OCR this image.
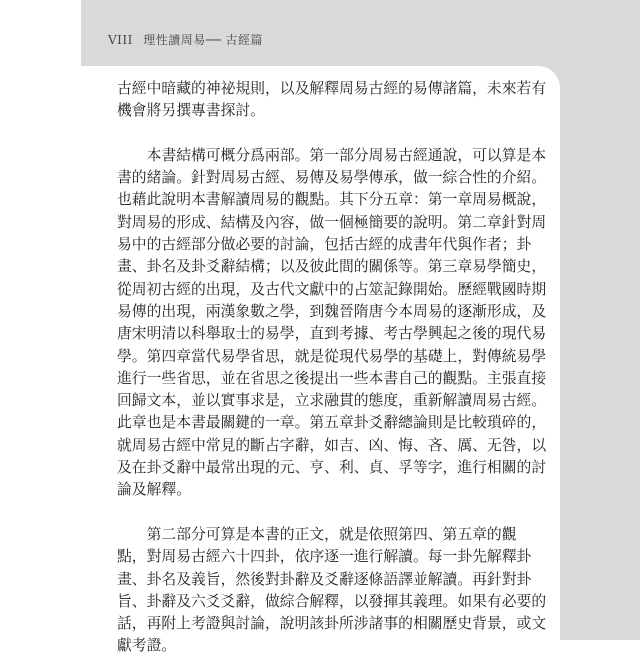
VIII 理性讀周易── 古經篇

古經中暗藏的神祕規則，以及解釋周易古經的易傳諸篇，未來若有
機會將另撰專書探討。

　　本書結構可概分爲兩部。第一部分周易古經通說，可以算是本
書的緒論。針對周易古經、易傳及易學傳承，做一綜合性的介紹。
也藉此說明本書解讀周易的觀點。其下分五章：第一章周易概說，
對周易的形成、結構及內容，做一個極簡要的說明。第二章針對周
易中的古經部分做必要的討論，包括古經的成書年代與作者；卦
畫、卦名及卦爻辭結構；以及彼此間的關係等。第三章易學簡史，
從周初古經的出現，及古代文獻中的占筮記錄開始。歷經戰國時期
易傳的出現，兩漢象數之學，到魏晉隋唐今本周易的逐漸形成，及
唐宋明清以科舉取士的易學，直到考據、考古學興起之後的現代易
學。第四章當代易學省思，就是從現代易學的基礎上，對傳統易學
進行一些省思，並在省思之後提出一些本書自己的觀點。主張直接
回歸文本，並以實事求是，立求融貫的態度，重新解讀周易古經。
此章也是本書最關鍵的一章。第五章卦爻辭總論則是比較瑣碎的，
就周易古經中常見的斷占字辭，如吉、凶、悔、吝、厲、无咎，以
及在卦爻辭中最常出現的元、亨、利、貞、孚等字，進行相關的討
論及解釋。

　　第二部分可算是本書的正文，就是依照第四、第五章的觀
點，對周易古經六十四卦，依序逐一進行解讀。每一卦先解釋卦
畫、卦名及義旨，然後對卦辭及爻辭逐條語譯並解讀。再針對卦
旨、卦辭及六爻爻辭，做綜合解釋，以發揮其義理。如果有必要的
話，再附上考證與討論，說明該卦所涉諸事的相關歷史背景，或文
獻考證。
